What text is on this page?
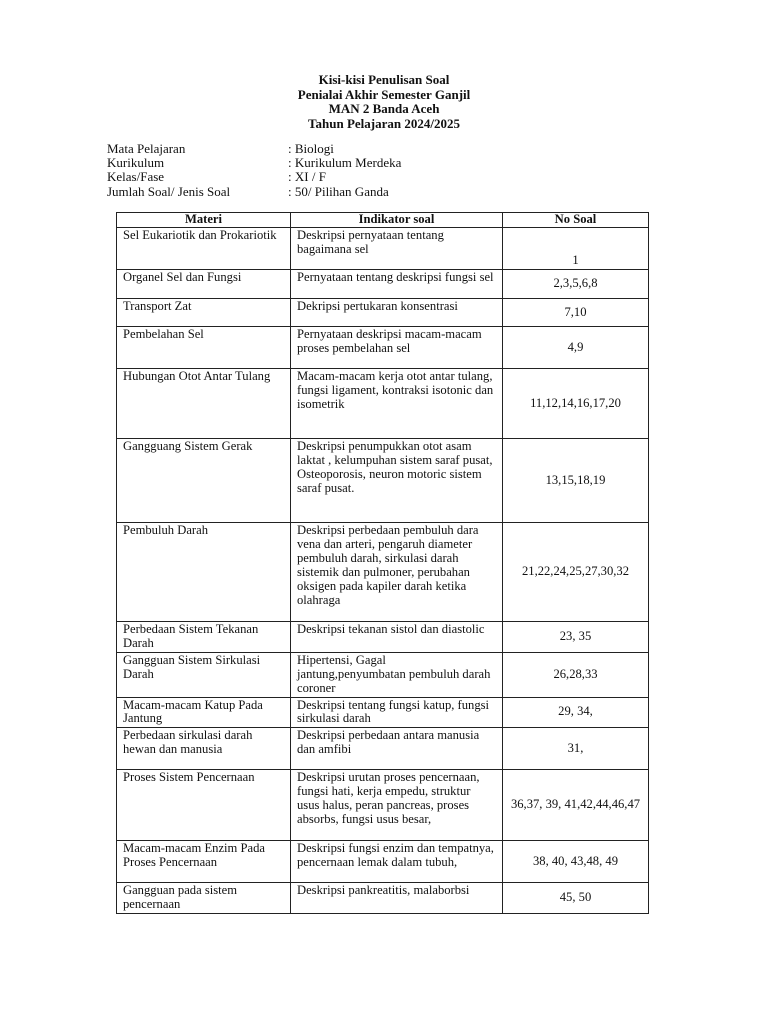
Kisi-kisi Penulisan Soal
Penialai Akhir Semester Ganjil
MAN 2 Banda Aceh
Tahun Pelajaran 2024/2025
Mata Pelajaran	: Biologi
Kurikulum	: Kurikulum Merdeka
Kelas/Fase	: XI / F
Jumlah Soal/ Jenis Soal	: 50/ Pilihan Ganda
Materi	Indikator soal	No Soal
Sel Eukariotik dan Prokariotik	Deskripsi pernyataan tentang bagaimana sel	1
Organel Sel dan Fungsi	Pernyataan tentang deskripsi fungsi sel	2,3,5,6,8
Transport Zat	Dekripsi pertukaran konsentrasi	7,10
Pembelahan Sel	Pernyataan deskripsi macam-macam proses pembelahan sel	4,9
Hubungan Otot Antar Tulang	Macam-macam kerja otot antar tulang, fungsi ligament, kontraksi isotonic dan isometrik	11,12,14,16,17,20
Gangguang Sistem Gerak	Deskripsi penumpukkan otot asam laktat , kelumpuhan sistem saraf pusat, Osteoporosis, neuron motoric sistem saraf pusat.	13,15,18,19
Pembuluh Darah	Deskripsi perbedaan pembuluh dara vena dan arteri, pengaruh diameter pembuluh darah, sirkulasi darah sistemik dan pulmoner, perubahan oksigen pada kapiler darah ketika olahraga	21,22,24,25,27,30,32
Perbedaan Sistem Tekanan Darah	Deskripsi tekanan sistol dan diastolic	23, 35
Gangguan Sistem Sirkulasi Darah	Hipertensi, Gagal jantung,penyumbatan pembuluh darah coroner	26,28,33
Macam-macam Katup Pada Jantung	Deskripsi tentang fungsi katup, fungsi sirkulasi darah	29, 34,
Perbedaan sirkulasi darah hewan dan manusia	Deskripsi perbedaan antara manusia dan amfibi	31,
Proses Sistem Pencernaan	Deskripsi urutan proses pencernaan, fungsi hati, kerja empedu, struktur usus halus, peran pancreas, proses absorbs, fungsi usus besar,	36,37, 39, 41,42,44,46,47
Macam-macam Enzim Pada Proses Pencernaan	Deskripsi fungsi enzim dan tempatnya, pencernaan lemak dalam tubuh,	38, 40, 43,48, 49
Gangguan pada sistem pencernaan	Deskripsi pankreatitis, malaborbsi	45, 50
